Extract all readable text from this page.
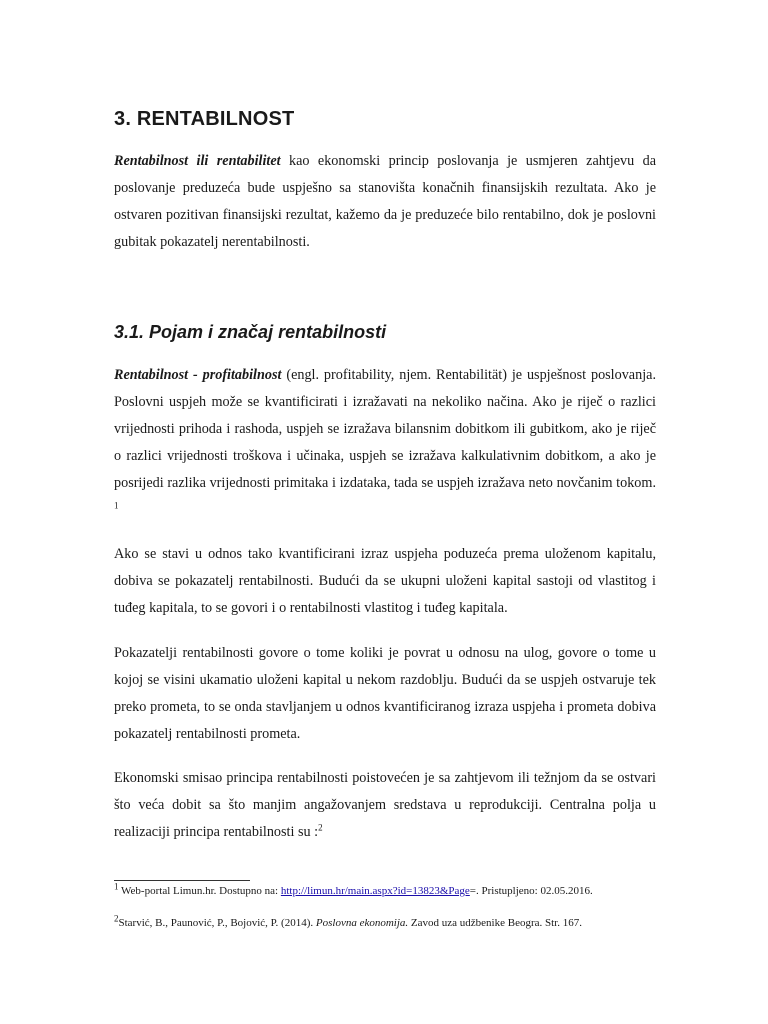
3. RENTABILNOST

Rentabilnost ili rentabilitet kao ekonomski princip poslovanja je usmjeren zahtjevu da poslovanje preduzeća bude uspješno sa stanovišta konačnih finansijskih rezultata. Ako je ostvaren pozitivan finansijski rezultat, kažemo da je preduzeće bilo rentabilno, dok je poslovni gubitak pokazatelj nerentabilnosti.

3.1. Pojam i značaj rentabilnosti

Rentabilnost - profitabilnost (engl. profitability, njem. Rentabilität) je uspješnost poslovanja. Poslovni uspjeh može se kvantificirati i izražavati na nekoliko načina. Ako je riječ o razlici vrijednosti prihoda i rashoda, uspjeh se izražava bilansnim dobitkom ili gubitkom, ako je riječ o razlici vrijednosti troškova i učinaka, uspjeh se izražava kalkulativnim dobitkom, a ako je posrijedi razlika vrijednosti primitaka i izdataka, tada se uspjeh izražava neto novčanim tokom. $^1$

Ako se stavi u odnos tako kvantificirani izraz uspjeha poduzeća prema uloženom kapitalu, dobiva se pokazatelj rentabilnosti. Budući da se ukupni uloženi kapital sastoji od vlastitog i tuđeg kapitala, to se govori i o rentabilnosti vlastitog i tuđeg kapitala.

Pokazatelji rentabilnosti govore o tome koliki je povrat u odnosu na ulog, govore o tome u kojoj se visini ukamatio uloženi kapital u nekom razdoblju. Budući da se uspjeh ostvaruje tek preko prometa, to se onda stavljanjem u odnos kvantificiranog izraza uspjeha i prometa dobiva pokazatelj rentabilnosti prometa.

Ekonomski smisao principa rentabilnosti poistovećen je sa zahtjevom ili težnjom da se ostvari što veća dobit sa što manjim angažovanjem sredstava u reprodukciji. Centralna polja u realizaciji principa rentabilnosti su :$^2$

$^1$ Web-portal Limun.hr. Dostupno na: http://limun.hr/main.aspx?id=13823&Page=. Pristupljeno: 02.05.2016.

$^2$Starvić, B., Paunović, P., Bojović, P. (2014). Poslovna ekonomija. Zavod uza udžbenike Beogra. Str. 167.
